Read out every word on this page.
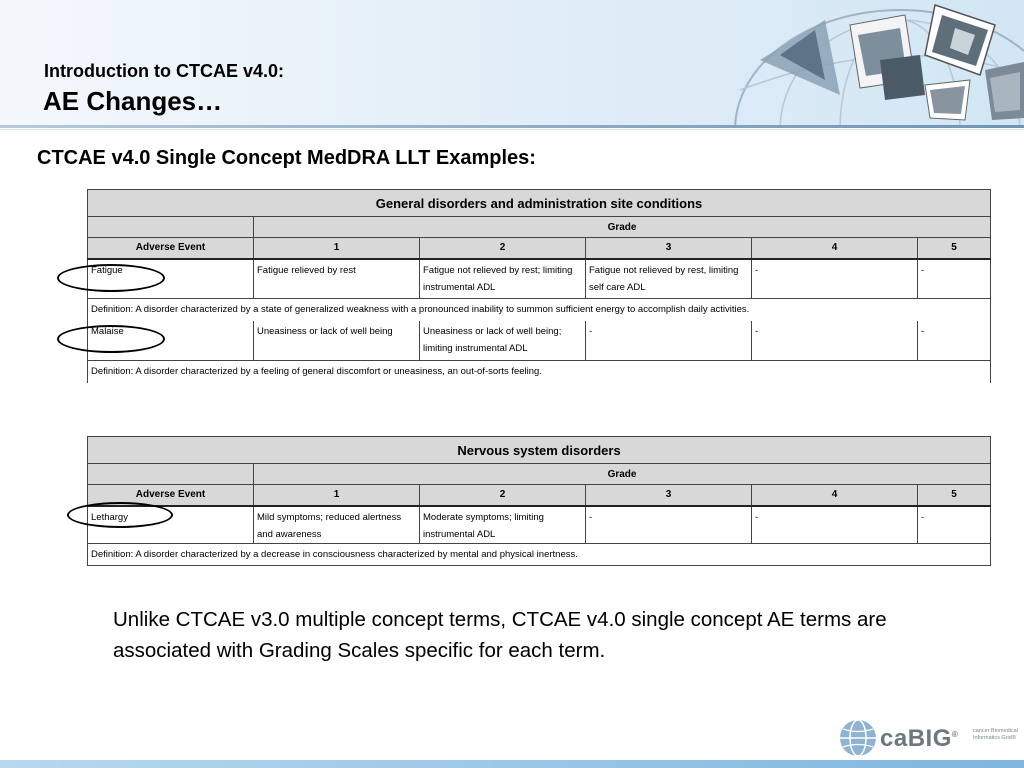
Introduction to CTCAE v4.0:
AE Changes…
CTCAE v4.0 Single Concept MedDRA LLT Examples:
General disorders and administration site conditions					
	Grade				
Adverse Event	1	2	3	4	5
Fatigue	Fatigue relieved by rest	Fatigue not relieved by rest; limiting instrumental ADL	Fatigue not relieved by rest, limiting self care ADL	-	-
Definition: A disorder characterized by a state of generalized weakness with a pronounced inability to summon sufficient energy to accomplish daily activities.					
Malaise	Uneasiness or lack of well being	Uneasiness or lack of well being; limiting instrumental ADL	-	-	-
Definition: A disorder characterized by a feeling of general discomfort or uneasiness, an out-of-sorts feeling.					
Nervous system disorders					
	Grade				
Adverse Event	1	2	3	4	5
Lethargy	Mild symptoms; reduced alertness and awareness	Moderate symptoms; limiting instrumental ADL	-	-	-
Definition: A disorder characterized by a decrease in consciousness characterized by mental and physical inertness.					
Unlike CTCAE v3.0 multiple concept terms, CTCAE v4.0 single concept AE terms are associated with Grading Scales specific for each term.
caBIG®	cancer Biomedical Informatics Grid®
